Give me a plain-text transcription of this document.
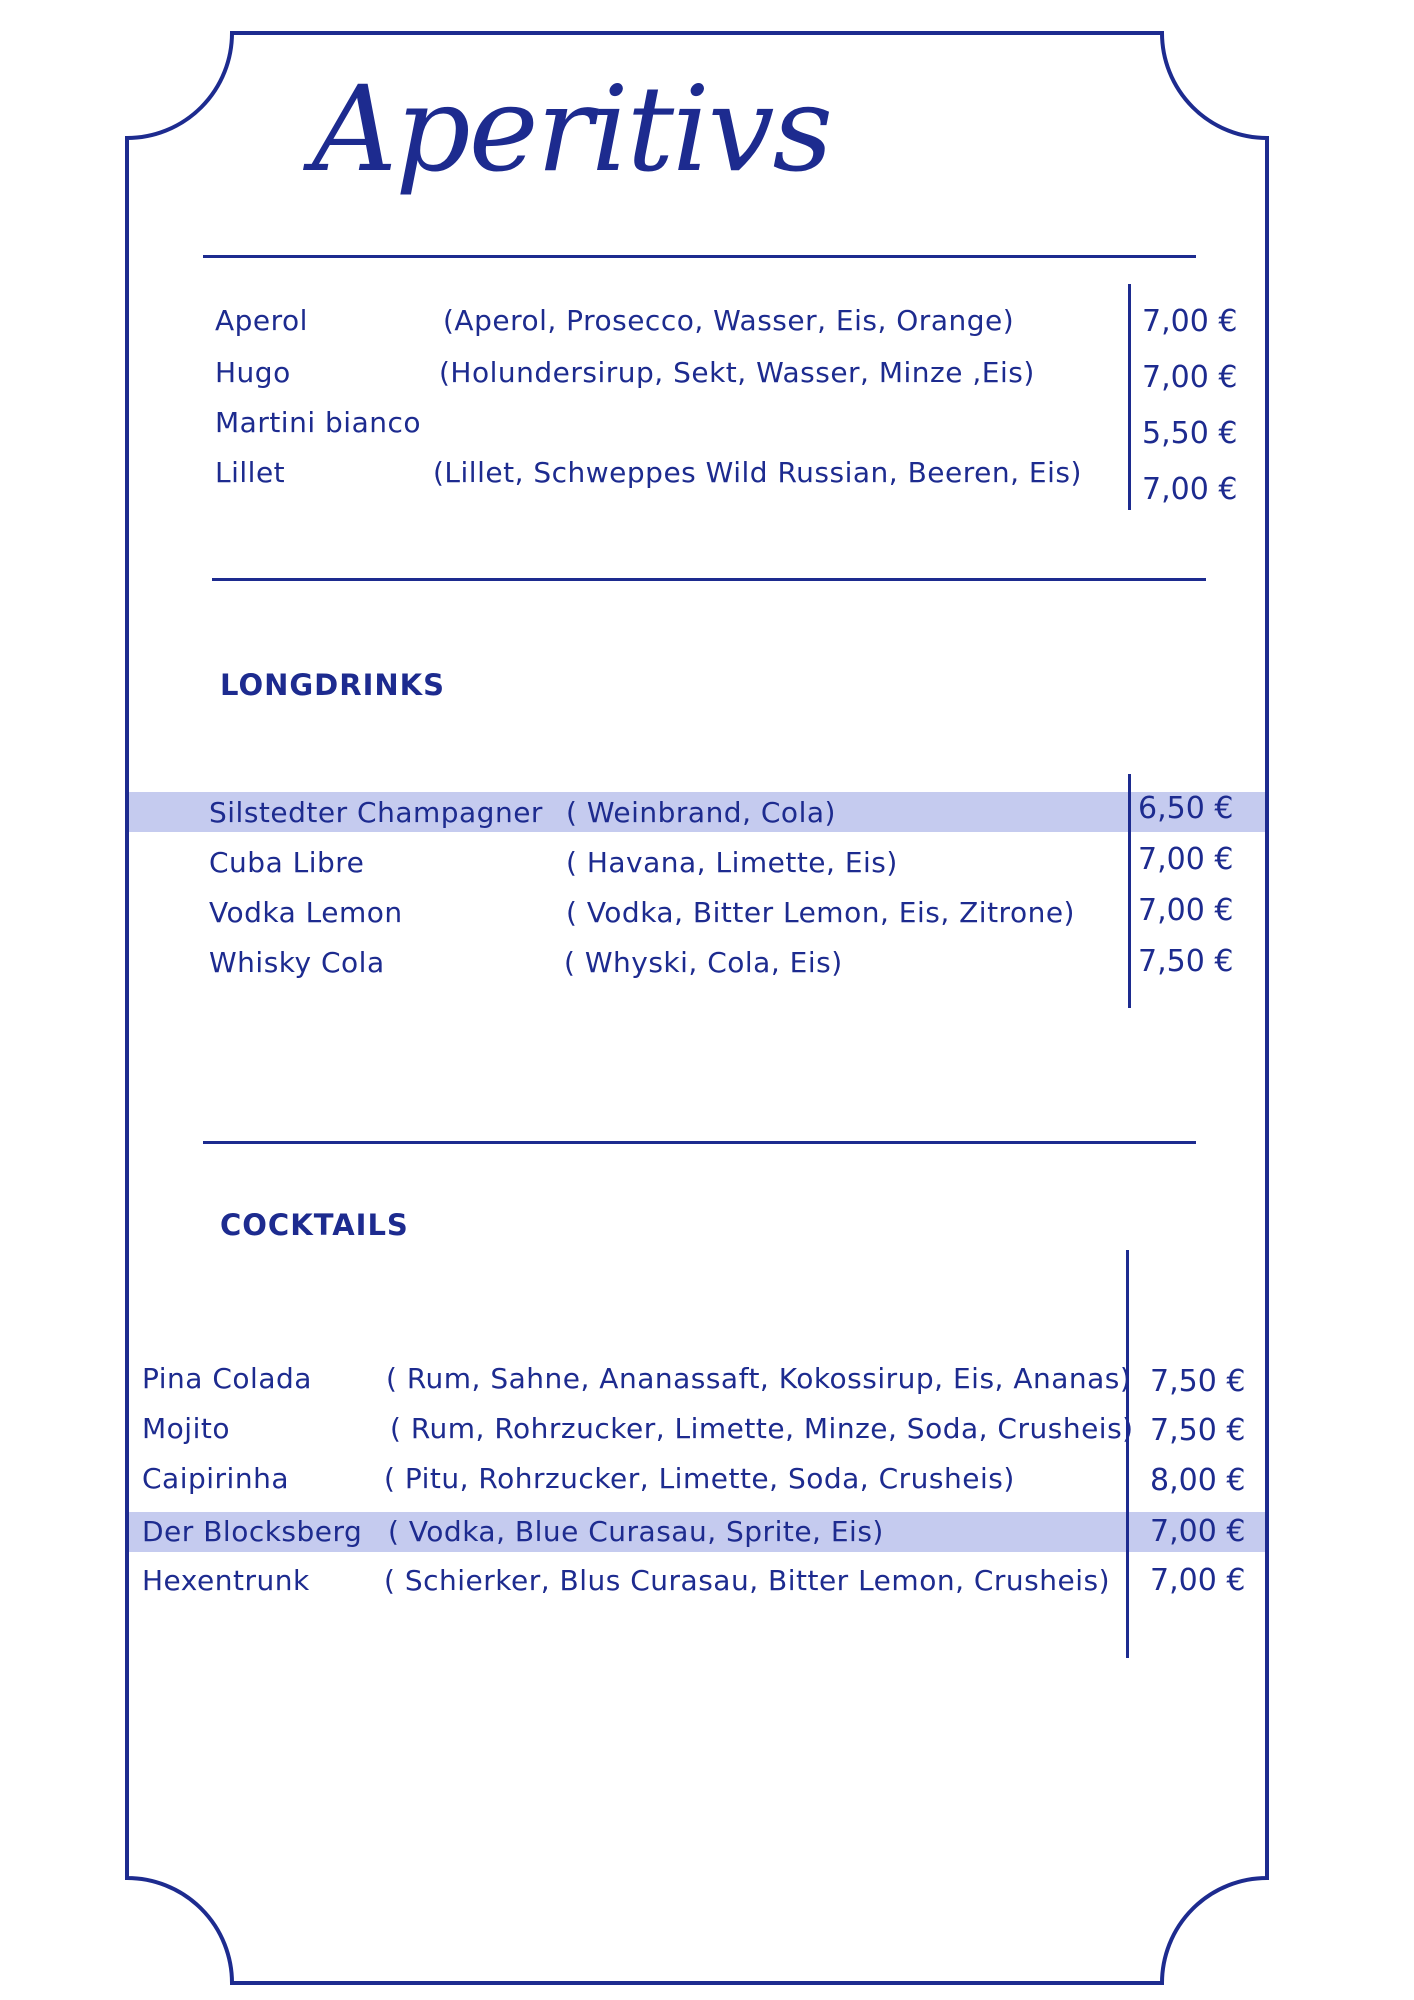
Aperitivs
Aperol	(Aperol, Prosecco, Wasser, Eis, Orange)	7,00 €
Hugo	(Holundersirup, Sekt, Wasser, Minze ,Eis)	7,00 €
Martini bianco	5,50 €
Lillet	(Lillet, Schweppes Wild Russian, Beeren, Eis) 7,00 €
LONGDRINKS
Silstedter Champagner ( Weinbrand, Cola)	6,50 €
Cuba Libre	( Havana, Limette, Eis)	7,00 €
Vodka Lemon	( Vodka, Bitter Lemon, Eis, Zitrone) 7,00 €
Whisky Cola	( Whyski, Cola, Eis)	7,50 €
COCKTAILS
Pina Colada	( Rum, Sahne, Ananassaft, Kokossirup, Eis, Ananas) 7,50 €
Mojito	( Rum, Rohrzucker, Limette, Minze, Soda, Crusheis) 7,50 €
Caipirinha	( Pitu, Rohrzucker, Limette, Soda, Crusheis)	8,00 €
Der Blocksberg ( Vodka, Blue Curasau, Sprite, Eis)	7,00 €
Hexentrunk	( Schierker, Blus Curasau, Bitter Lemon, Crusheis) 7,00 €
